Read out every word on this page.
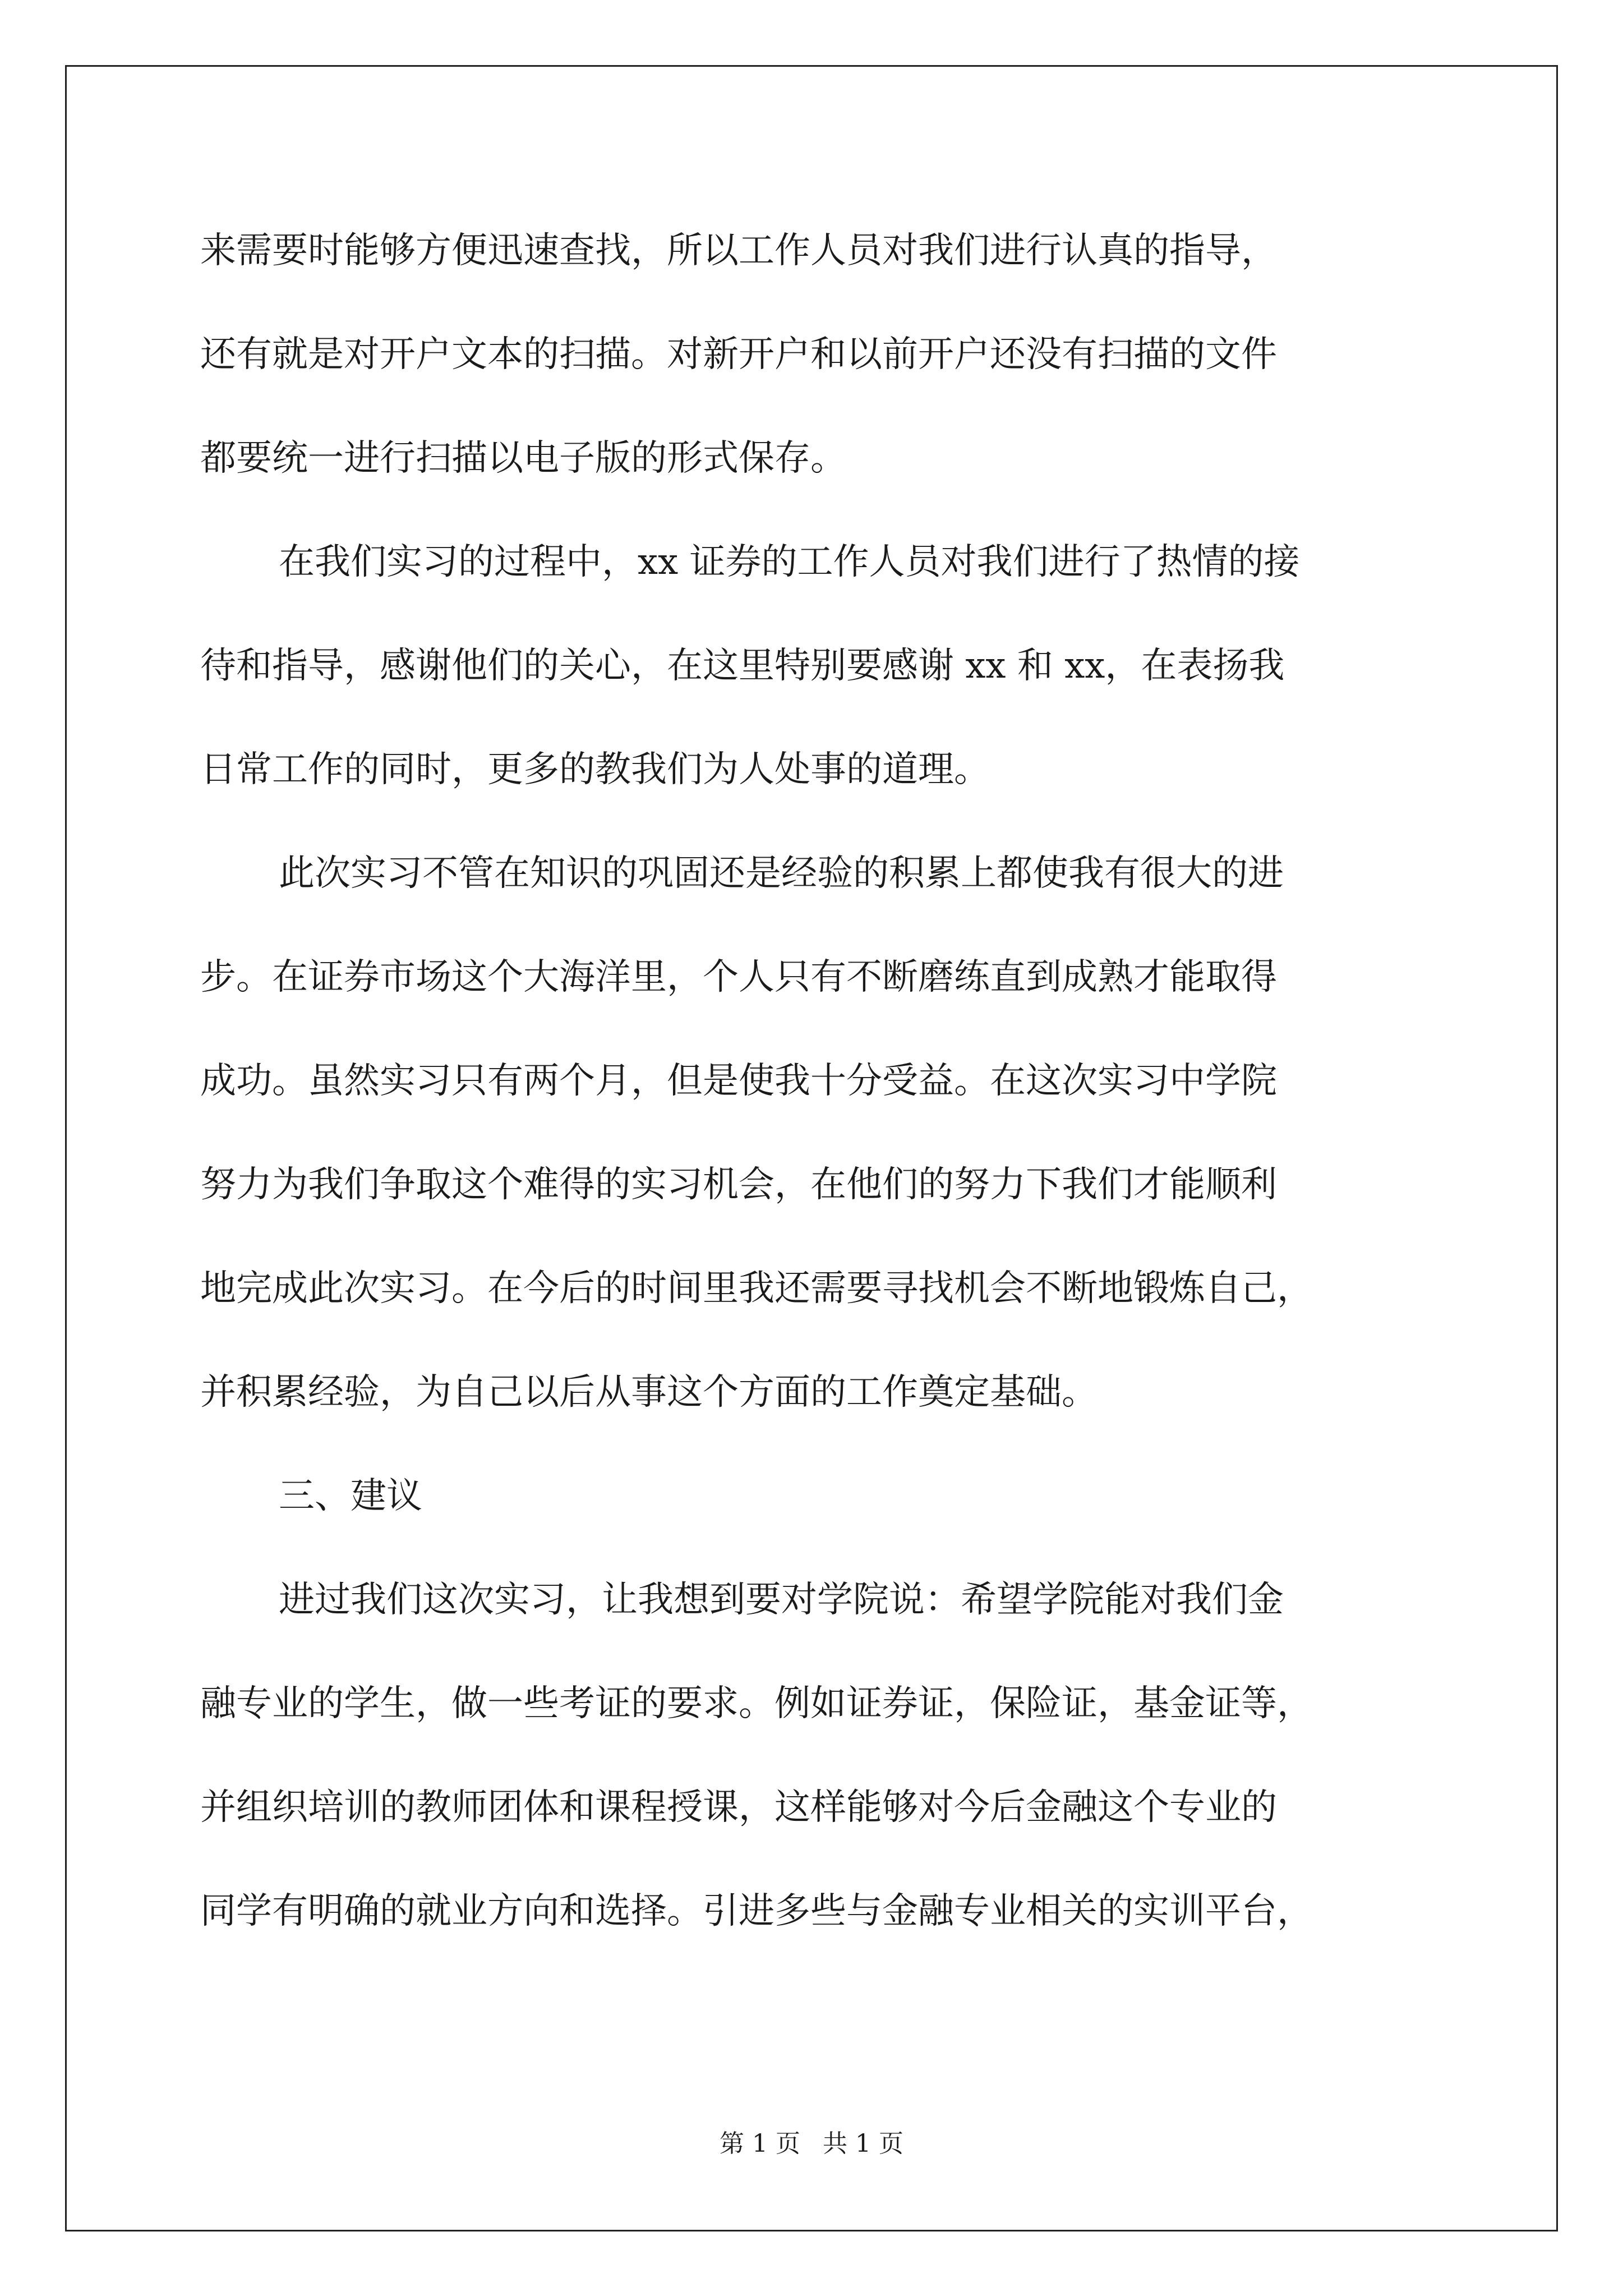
来需要时能够方便迅速查找，所以工作人员对我们进行认真的指导，
还有就是对开户文本的扫描。对新开户和以前开户还没有扫描的文件
都要统一进行扫描以电子版的形式保存。
在我们实习的过程中，xx 证券的工作人员对我们进行了热情的接
待和指导，感谢他们的关心，在这里特别要感谢 xx 和 xx，在表扬我
日常工作的同时，更多的教我们为人处事的道理。
此次实习不管在知识的巩固还是经验的积累上都使我有很大的进
步。在证券市场这个大海洋里，个人只有不断磨练直到成熟才能取得
成功。虽然实习只有两个月，但是使我十分受益。在这次实习中学院
努力为我们争取这个难得的实习机会，在他们的努力下我们才能顺利
地完成此次实习。在今后的时间里我还需要寻找机会不断地锻炼自己，
并积累经验，为自己以后从事这个方面的工作奠定基础。
三、建议
进过我们这次实习，让我想到要对学院说：希望学院能对我们金
融专业的学生，做一些考证的要求。例如证券证，保险证，基金证等，
并组织培训的教师团体和课程授课，这样能够对今后金融这个专业的
同学有明确的就业方向和选择。引进多些与金融专业相关的实训平台，
第 1 页 共 1 页
